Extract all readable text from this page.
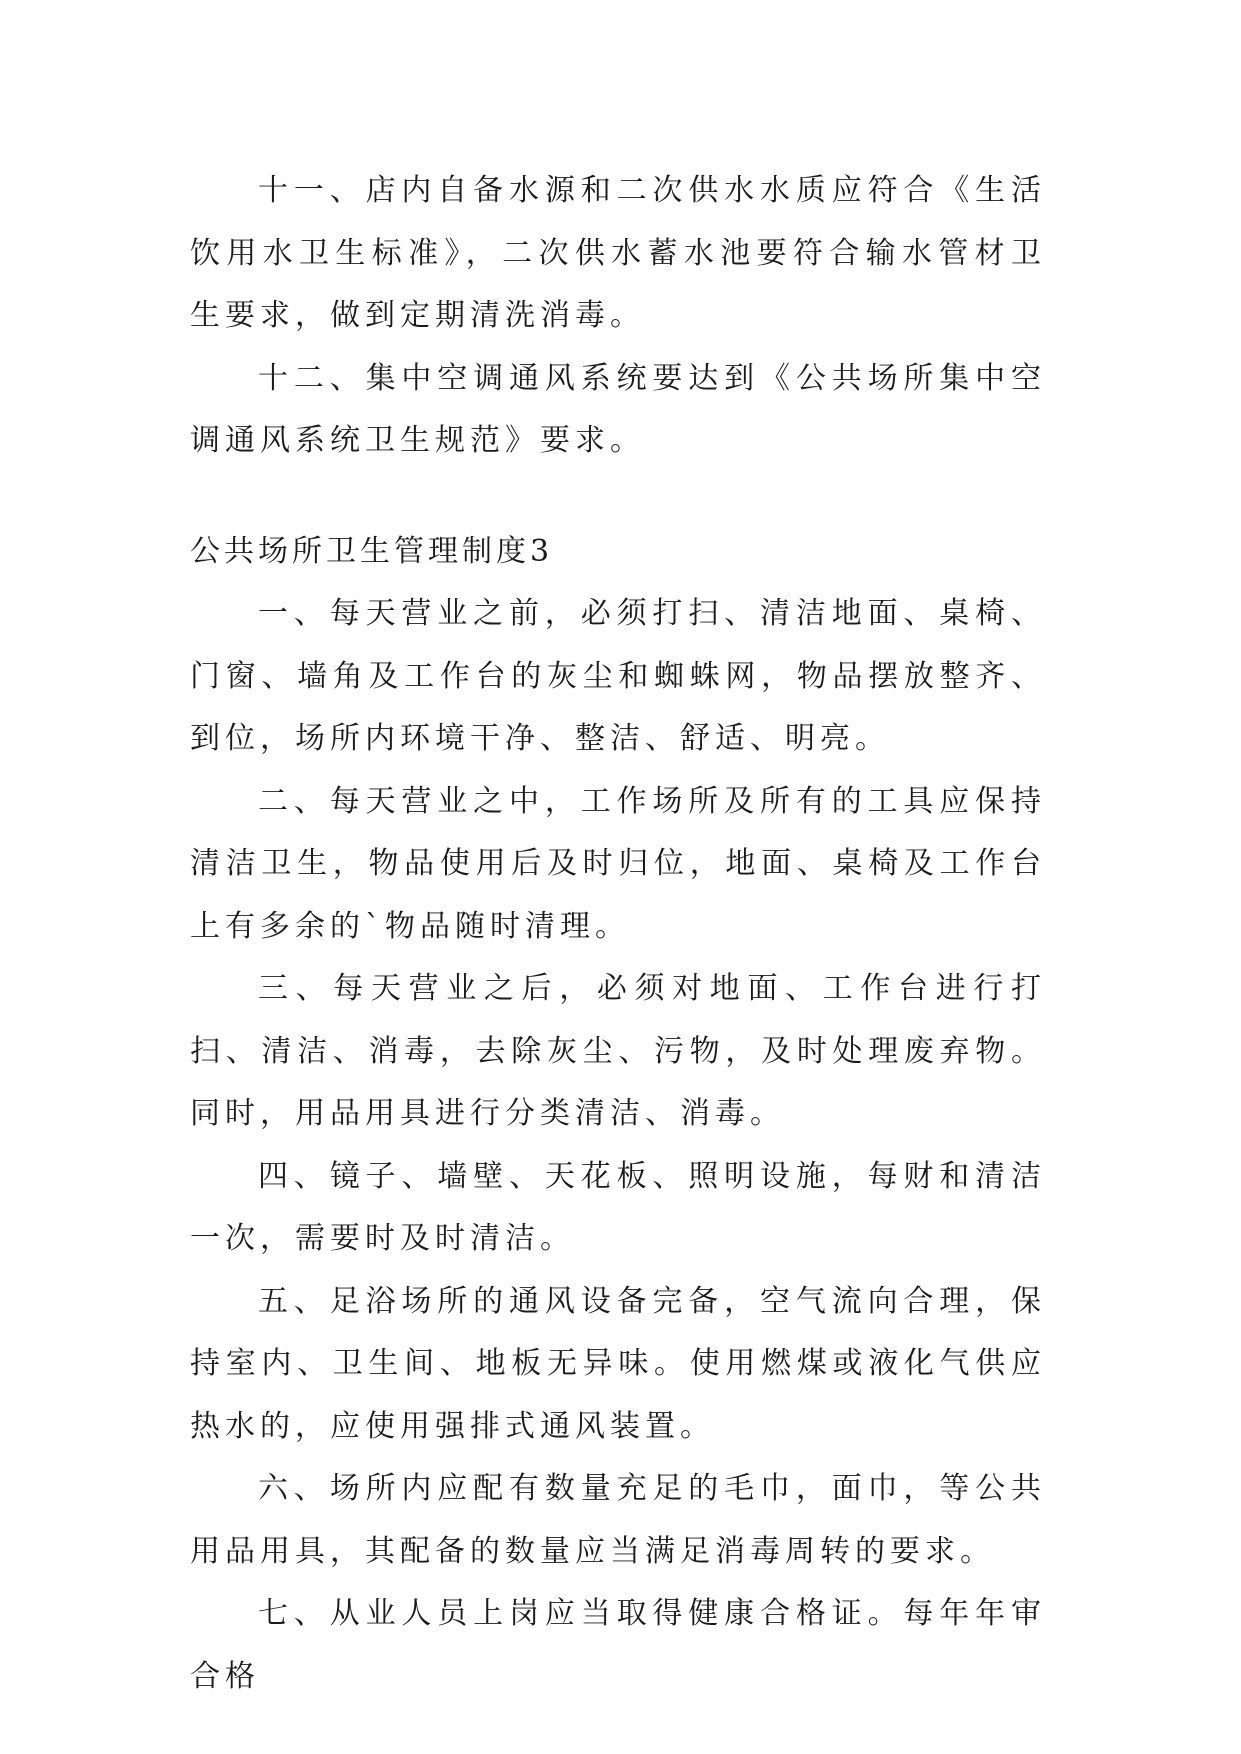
十一、店内自备水源和二次供水水质应符合《生活饮用水卫生标准》，二次供水蓄水池要符合输水管材卫生要求，做到定期清洗消毒。

十二、集中空调通风系统要达到《公共场所集中空调通风系统卫生规范》要求。

公共场所卫生管理制度3

一、每天营业之前，必须打扫、清洁地面、桌椅、门窗、墙角及工作台的灰尘和蜘蛛网，物品摆放整齐、到位，场所内环境干净、整洁、舒适、明亮。

二、每天营业之中，工作场所及所有的工具应保持清洁卫生，物品使用后及时归位，地面、桌椅及工作台上有多余的`物品随时清理。

三、每天营业之后，必须对地面、工作台进行打扫、清洁、消毒，去除灰尘、污物，及时处理废弃物。同时，用品用具进行分类清洁、消毒。

四、镜子、墙壁、天花板、照明设施，每财和清洁一次，需要时及时清洁。

五、足浴场所的通风设备完备，空气流向合理，保持室内、卫生间、地板无异味。使用燃煤或液化气供应热水的，应使用强排式通风装置。

六、场所内应配有数量充足的毛巾，面巾，等公共用品用具，其配备的数量应当满足消毒周转的要求。

七、从业人员上岗应当取得健康合格证。每年年审合格
